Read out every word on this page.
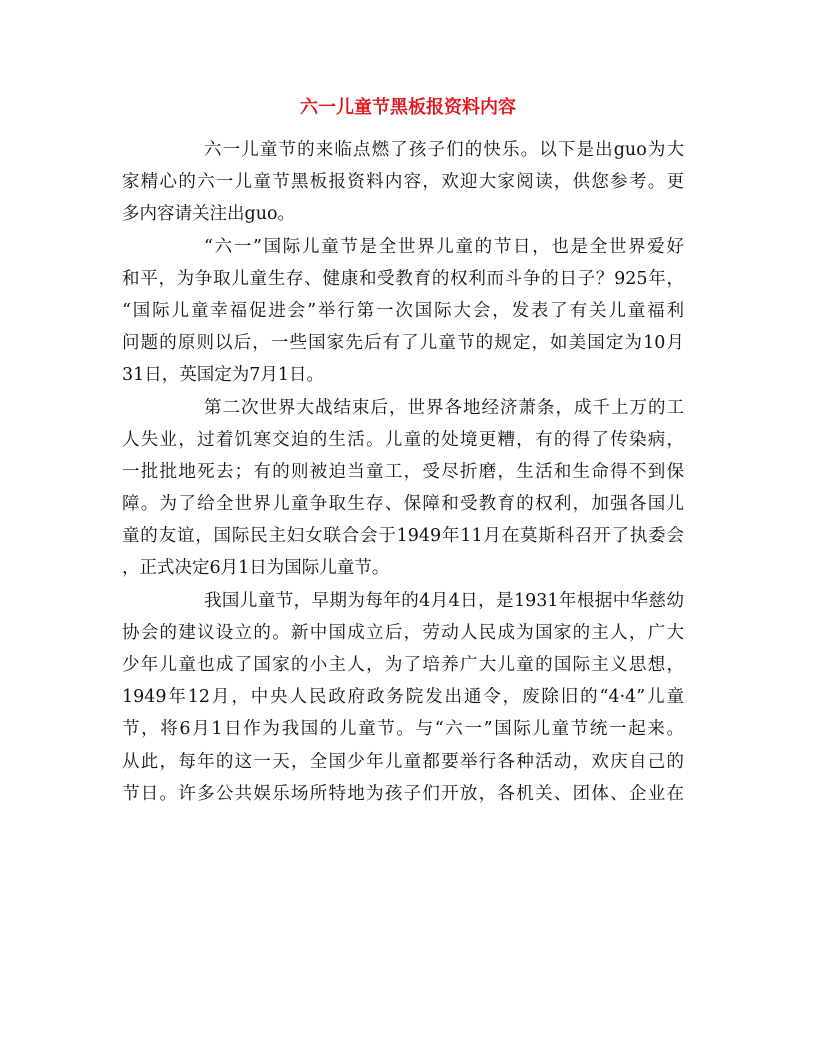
六一儿童节黑板报资料内容
六一儿童节的来临点燃了孩子们的快乐。以下是出guo为大
家精心的六一儿童节黑板报资料内容，欢迎大家阅读，供您参考。更
多内容请关注出guo。
“六一”国际儿童节是全世界儿童的节日，也是全世界爱好
和平，为争取儿童生存、健康和受教育的权利而斗争的日子？925年，
“国际儿童幸福促进会”举行第一次国际大会，发表了有关儿童福利
问题的原则以后，一些国家先后有了儿童节的规定，如美国定为10月
31日，英国定为7月1日。
第二次世界大战结束后，世界各地经济萧条，成千上万的工
人失业，过着饥寒交迫的生活。儿童的处境更糟，有的得了传染病，
一批批地死去；有的则被迫当童工，受尽折磨，生活和生命得不到保
障。为了给全世界儿童争取生存、保障和受教育的权利，加强各国儿
童的友谊，国际民主妇女联合会于1949年11月在莫斯科召开了执委会
，正式决定6月1日为国际儿童节。
我国儿童节，早期为每年的4月4日，是1931年根据中华慈幼
协会的建议设立的。新中国成立后，劳动人民成为国家的主人，广大
少年儿童也成了国家的小主人，为了培养广大儿童的国际主义思想，
1949年12月，中央人民政府政务院发出通令，废除旧的“4·4”儿童
节，将6月1日作为我国的儿童节。与“六一”国际儿童节统一起来。
从此，每年的这一天，全国少年儿童都要举行各种活动，欢庆自己的
节日。许多公共娱乐场所特地为孩子们开放，各机关、团体、企业在
